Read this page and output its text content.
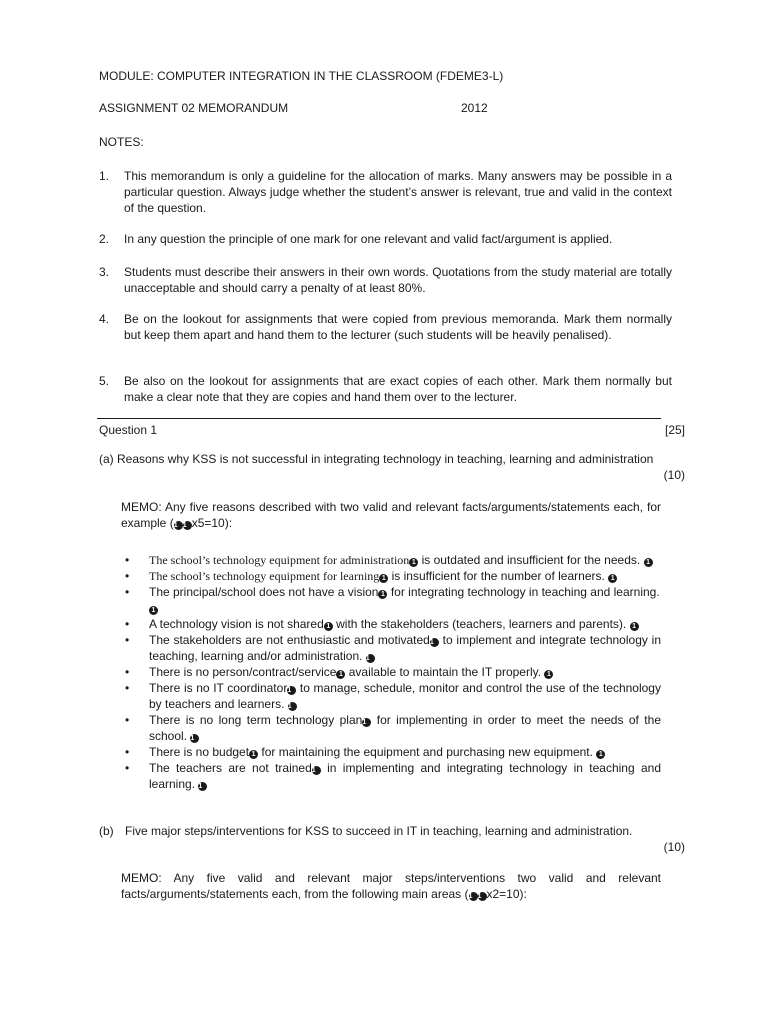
MODULE: COMPUTER INTEGRATION IN THE CLASSROOM (FDEME3-L)
ASSIGNMENT 02 MEMORANDUM	2012
NOTES:
1. This memorandum is only a guideline for the allocation of marks. Many answers may be possible in a particular question. Always judge whether the student’s answer is relevant, true and valid in the context of the question.
2. In any question the principle of one mark for one relevant and valid fact/argument is applied.
3. Students must describe their answers in their own words. Quotations from the study material are totally unacceptable and should carry a penalty of at least 80%.
4. Be on the lookout for assignments that were copied from previous memoranda. Mark them normally but keep them apart and hand them to the lecturer (such students will be heavily penalised).
5. Be also on the lookout for assignments that are exact copies of each other. Mark them normally but make a clear note that they are copies and hand them over to the lecturer.
Question 1	[25]
(a) Reasons why KSS is not successful in integrating technology in teaching, learning and administration
(10)
MEMO: Any five reasons described with two valid and relevant facts/arguments/statements each, for example (1 1 x5=10):
• The school’s technology equipment for administration 1 is outdated and insufficient for the needs. 1
• The school’s technology equipment for learning 1 is insufficient for the number of learners. 1
• The principal/school does not have a vision 1 for integrating technology in teaching and learning. 1
• A technology vision is not shared 1 with the stakeholders (teachers, learners and parents). 1
• The stakeholders are not enthusiastic and motivated1 to implement and integrate technology in teaching, learning and/or administration. 1
• There is no person/contract/service 1 available to maintain the IT properly. 1
• There is no IT coordinator1 to manage, schedule, monitor and control the use of the technology by teachers and learners. 1
• There is no long term technology plan1 for implementing in order to meet the needs of the school. 1
• There is no budget 1 for maintaining the equipment and purchasing new equipment. 1
• The teachers are not trained1 in implementing and integrating technology in teaching and learning. 1
(b) Five major steps/interventions for KSS to succeed in IT in teaching, learning and administration.
(10)
MEMO: Any five valid and relevant major steps/interventions two valid and relevant facts/arguments/statements each, from the following main areas (1 1 x2=10):
